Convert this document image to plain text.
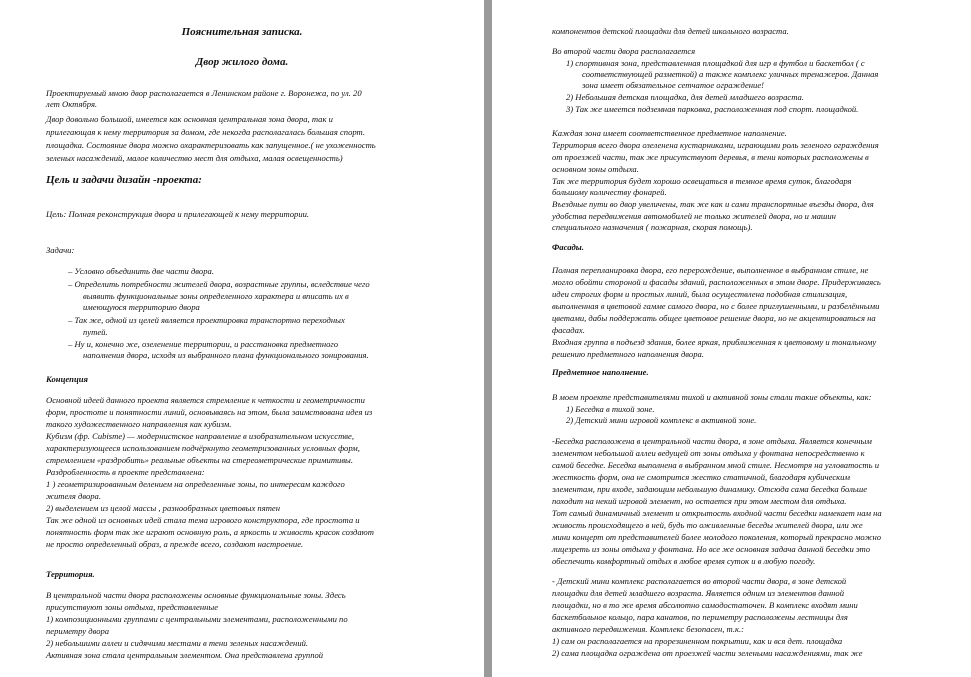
Пояснительная записка.
Двор жилого дома.
Проектируемый мною двор располагается в Ленинском районе г. Воронежа, по ул. 20
лет Октября.
Двор довольно большой, имеется как основная центральная зона двора, так и
прилегающая к нему территория за домом, где некогда располагалась большая спорт.
площадка. Состояние двора можно охарактеризовать как запущенное.( не ухоженность
зеленых насаждений, малое количество мест для отдыха, малая освещенность)
Цель и задачи дизайн -проекта:
Цель: Полная реконструкция двора и прилегающей к нему территории.
Задачи:
– Условно объединить две части двора.
– Определить потребности жителей двора, возрастные группы, вследствие чего
выявить функциональные зоны определенного характера и вписать их в
имеющуюся территорию двора
– Так же, одной из целей является проектировка транспортно переходных
путей.
– Ну и, конечно же, озеленение территории, и расстановка предметного
наполнения двора, исходя из выбранного плана функционального зонирования.
Концепция
Основной идеей данного проекта является стремление к четкости и геометричности
форм, простоте и понятности линий, основываясь на этом, была заимствована идея из
такого художественного направления как кубизм.
Кубизм (фр. Cubisme) — модернистское направление в изобразительном искусстве,
характеризующееся использованием подчёркнуто геометризованных условных форм,
стремлением «раздробить» реальные объекты на стереометрические примитивы.
Раздробленность в проекте представлена:
1 ) геометризированным делением на определенные зоны, по интересам каждого
жителя двора.
2) выделением из целой массы , разнообразных цветовых пятен
Так же одной из основных идей стала тема игрового конструктора, где простота и
понятность форм так же играют основную роль, а яркость и живость красок создают
не просто определенный образ, а прежде всего, создают настроение.
Территория.
В центральной части двора расположены основные функциональные зоны. Здесь
присутствуют зоны отдыха, представленные
1) композиционными группами с центральными элементами, расположенными по
периметру двора
2) небольшими аллеи и сидячими местами в тени зеленых насаждений.
Активная зона стала центральным элементом. Она представлена группой
компонентов детской площадки для детей школьного возраста.
Во второй части двора располагается
1) спортивная зона, представленная площадкой для игр в футбол и баскетбол ( с
соответствующей разметкой) а также комплекс уличных тренажеров. Данная
зона имеет обязательное сетчатое ограждение!
2) Небольшая детская площадка, для детей младшего возраста.
3) Так же имеется подземная парковка, расположенная под спорт. площадкой.
Каждая зона имеет соответственное предметное наполнение.
Территория всего двора озеленена кустарниками, играющими роль зеленого ограждения
от проезжей части, так же присутствуют деревья, в тени которых расположены в
основном зоны отдыха.
Так же территория будет хорошо освещаться в темное время суток, благодаря
большому количеству фонарей.
Въездные пути во двор увеличены, так же как и сами транспортные въезды двора, для
удобства передвижения автомобилей не только жителей двора, но и машин
специального назначения ( пожарная, скорая помощь).
Фасады.
Полная перепланировка двора, его перерождение, выполненное в выбранном стиле, не
могло обойти стороной и фасады зданий, расположенных в этом дворе. Придерживаясь
идеи строгих форм и простых линий, была осуществлена подобная стилизация,
выполненная в цветовой гамме самого двора, но с более приглушенными, и разбелёнными
цветами, дабы поддержать общее цветовое решение двора, но не акцентироваться на
фасадах.
Входная группа в подъезд здания, более яркая, приближенная к цветовому и тональному
решению предметного наполнения двора.
Предметное наполнение.
В моем проекте представителями тихой и активной зоны стали такие объекты, как:
1) Беседка в тихой зоне.
2) Детский мини игровой комплекс в активной зоне.
-Беседка расположена в центральной части двора, в зоне отдыха. Является конечным
элементом небольшой аллеи ведущей от зоны отдыха у фонтана непосредственно к
самой беседке. Беседка выполнена в выбранном мной стиле. Несмотря на угловатость и
жесткость форм, она не смотрится жестко статичной, благодаря кубическим
элементам, при входе, задающим небольшую динамику. Отсюда сама беседка больше
походит на некий игровой элемент, но остается при этом местом для отдыха.
Тот самый динамичный элемент и открытость входной части беседки намекает нам на
живость происходящего в ней, будь то оживленные беседы жителей двора, или же
мини концерт от представителей более молодого поколения, который прекрасно можно
лицезреть из зоны отдыха у фонтана. Но все же основная задача данной беседки это
обеспечить комфортный отдых в любое время суток и в любую погоду.
- Детский мини комплекс располагается во второй части двора, в зоне детской
площадки для детей младшего возраста. Является одним из элементов данной
площадки, но в то же время абсолютно самодостаточен. В комплекс входят мини
баскетбольное кольцо, пара канатов, по периметру расположены лестницы для
активного передвижения. Комплекс безопасен, т.к.:
1) сам он располагается на прорезиненном покрытии, как и вся дет. площадка
2) сама площадка ограждена от проезжей части зелеными насаждениями, так же
